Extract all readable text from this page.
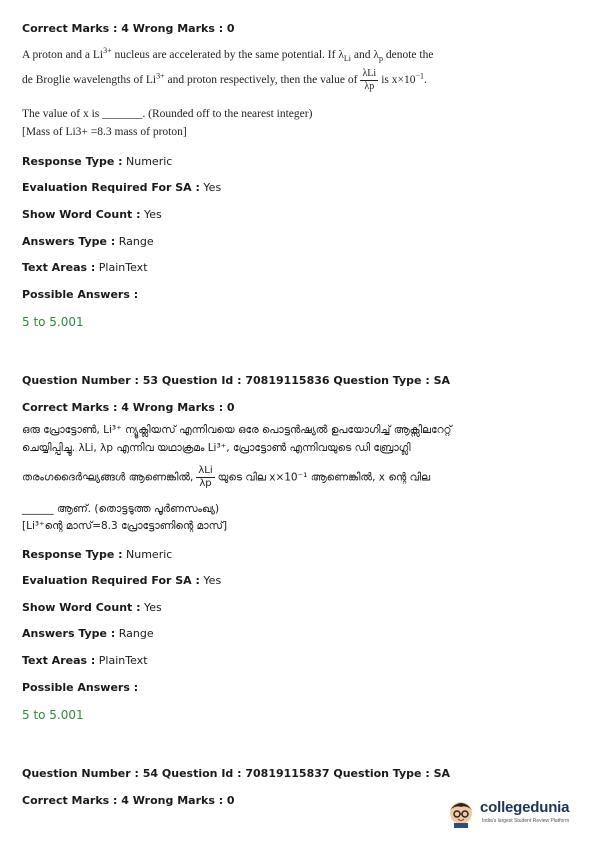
Correct Marks : 4 Wrong Marks : 0
A proton and a $Li^{3+}$ nucleus are accelerated by the same potential. If $\lambda_{Li}$ and $\lambda_p$ denote the
de Broglie wavelengths of $Li^{3+}$ and proton respectively, then the value of $\frac{\text{λLi}}{\lambda p}$ is $x\times 10^{-1}$.
The value of x is _______. (Rounded off to the nearest integer)
[Mass of Li3+ =8.3 mass of proton]
Response Type : Numeric
Evaluation Required For SA : Yes
Show Word Count : Yes
Answers Type : Range
Text Areas : PlainText
Possible Answers :
5 to 5.001
Question Number : 53 Question Id : 70819115836 Question Type : SA
Correct Marks : 4 Wrong Marks : 0
ഒരു പ്രോട്ടോൺ, Li³⁺ ന്യൂക്ലിയസ് എന്നിവയെ ഒരേ പൊട്ടൻഷ്യൽ ഉപയോഗിച്ച് ആക്സിലറേറ്റ്
ചെയ്യിപ്പിച്ചു. λLi, λp എന്നിവ യഥാക്രമം Li³⁺, പ്രോട്ടോൺ എന്നിവയുടെ ഡി ബ്രോഗ്ലി
തരംഗദൈർഘ്യങ്ങൾ ആണെങ്കിൽ, $\frac{\text{λLi}}{\lambda p}$ യുടെ വില x×10⁻¹ ആണെങ്കിൽ, x ന്റെ വില
______ ആണ്. (തൊട്ടടുത്ത പൂർണസംഖ്യ)
[Li³⁺ന്റെ മാസ്=8.3 പ്രോട്ടോണിന്റെ മാസ്]
Response Type : Numeric
Evaluation Required For SA : Yes
Show Word Count : Yes
Answers Type : Range
Text Areas : PlainText
Possible Answers :
5 to 5.001
Question Number : 54 Question Id : 70819115837 Question Type : SA
Correct Marks : 4 Wrong Marks : 0	collegedunia
India's largest Student Review Platform
